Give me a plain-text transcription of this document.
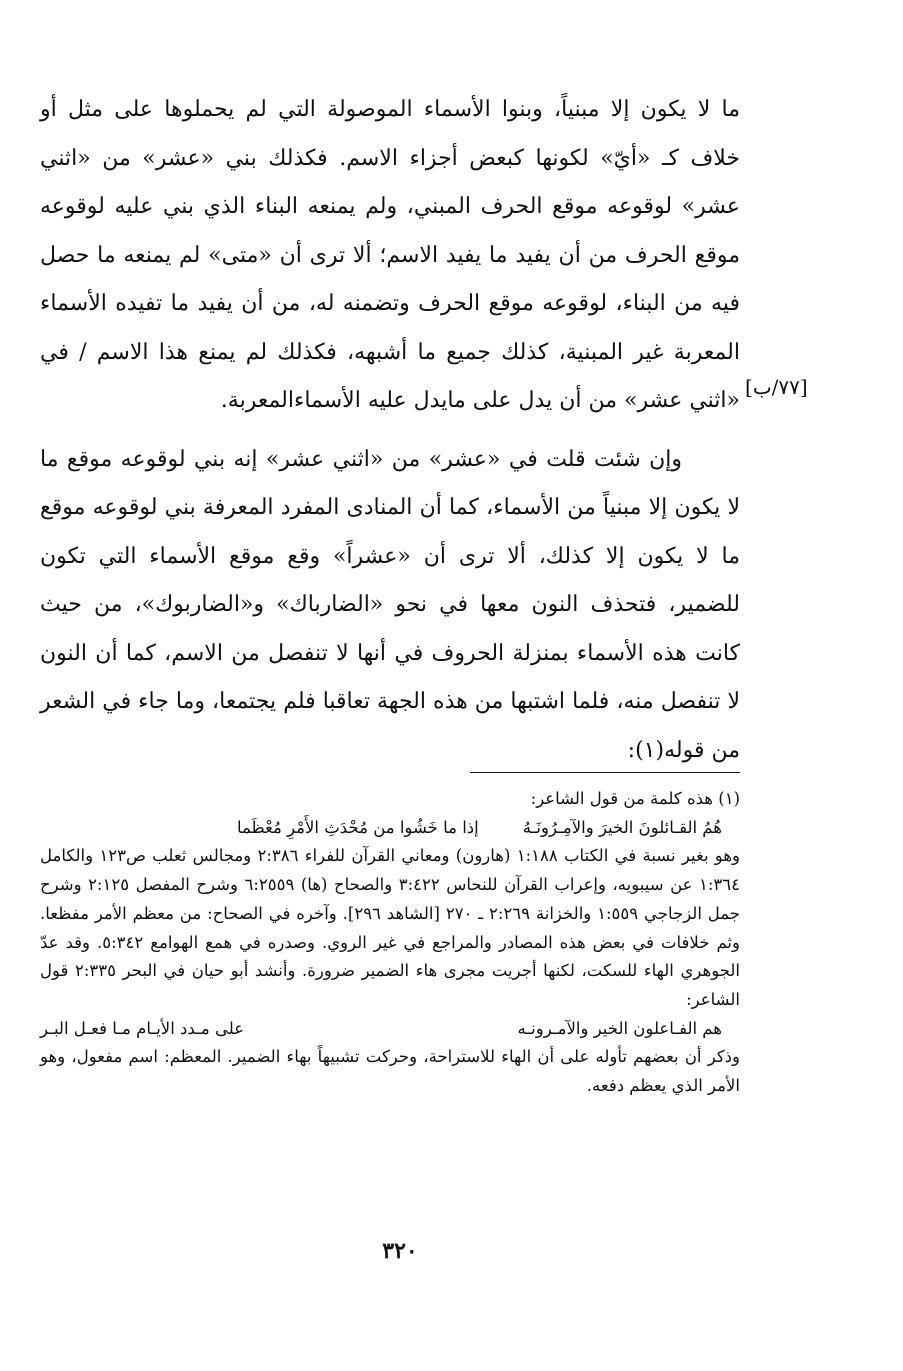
ما لا يكون إلا مبنياً، وبنوا الأسماء الموصولة التي لم يحملوها على مثل أو خلاف كـ «أيّ» لكونها كبعض أجزاء الاسم. فكذلك بني «عشر» من «اثني عشر» لوقوعه موقع الحرف المبني، ولم يمنعه البناء الذي بني عليه لوقوعه موقع الحرف من أن يفيد ما يفيد الاسم؛ ألا ترى أن «متى» لم يمنعه ما حصل فيه من البناء، لوقوعه موقع الحرف وتضمنه له، من أن يفيد ما تفيده الأسماء المعربة غير المبنية، كذلك جميع ما أشبهه، فكذلك لم يمنع هذا الاسم / في «اثني عشر» من أن يدل على مايدل عليه الأسماءالمعربة.

وإن شئت قلت في «عشر» من «اثني عشر» إنه بني لوقوعه موقع ما لا يكون إلا مبنياً من الأسماء، كما أن المنادى المفرد المعرفة بني لوقوعه موقع ما لا يكون إلا كذلك، ألا ترى أن «عشراً» وقع موقع الأسماء التي تكون للضمير، فتحذف النون معها في نحو «الضارباك» و«الضاربوك»، من حيث كانت هذه الأسماء بمنزلة الحروف في أنها لا تنفصل من الاسم، كما أن النون لا تنفصل منه، فلما اشتبها من هذه الجهة تعاقبا فلم يجتمعا، وما جاء في الشعر من قوله(١):

[٧٧/ب]

(١) هذه كلمة من قول الشاعر:

هُمُ القـائلونَ الخيرَ والآمِـرُونَـهُ
إذا ما خَشُوا من مُحْدَثِ الأَمْرِ مُعْظَما

وهو بغير نسبة في الكتاب ١:١٨٨ (هارون) ومعاني القرآن للفراء ٢:٣٨٦ ومجالس ثعلب ص١٢٣ والكامل ١:٣٦٤ عن سيبويه، وإعراب القرآن للنحاس ٣:٤٢٢ والصحاح (ها) ٦:٢٥٥٩ وشرح المفصل ٢:١٢٥ وشرح جمل الزجاجي ١:٥٥٩ والخزانة ٢:٢٦٩ ـ ٢٧٠ [الشاهد ٢٩٦]. وآخره في الصحاح: من معظم الأمر مفظعا. وثم خلافات في بعض هذه المصادر والمراجع في غير الروي. وصدره في همع الهوامع ٥:٣٤٢. وقد عدّ الجوهري الهاء للسكت، لكنها أجريت مجرى هاء الضمير ضرورة. وأنشد أبو حيان في البحر ٢:٣٣٥ قول الشاعر:

هم الفـاعلون الخير والآمـرونـه
على مـدد الأيـام مـا فعـل البـر

وذكر أن بعضهم تأوله على أن الهاء للاستراحة، وحركت تشبيهاً بهاء الضمير. المعظم: اسم مفعول، وهو الأمر الذي يعظم دفعه.

٣٢٠
